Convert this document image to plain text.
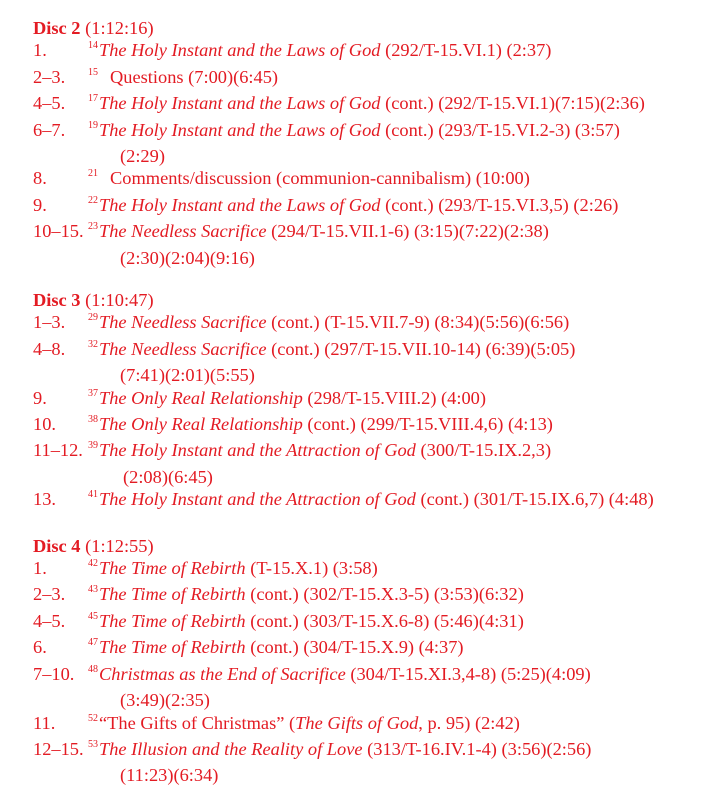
Disc 2 (1:12:16)
1.	$^{14}$The Holy Instant and the Laws of God (292/T-15.VI.1) (2:37)
2–3. $^{15}$ Questions (7:00)(6:45)
4–5. $^{17}$The Holy Instant and the Laws of God (cont.) (292/T-15.VI.1)(7:15)(2:36)
6–7. $^{19}$The Holy Instant and the Laws of God (cont.) (293/T-15.VI.2-3) (3:57)
(2:29)
8.	$^{21}$ Comments/discussion (communion-cannibalism) (10:00)
9.	$^{22}$The Holy Instant and the Laws of God (cont.) (293/T-15.VI.3,5) (2:26)
10–15. $^{23}$The Needless Sacrifice (294/T-15.VII.1-6) (3:15)(7:22)(2:38)
(2:30)(2:04)(9:16)
Disc 3 (1:10:47)
1–3. $^{29}$The Needless Sacrifice (cont.) (T-15.VII.7-9) (8:34)(5:56)(6:56)
4–8. $^{32}$The Needless Sacrifice (cont.) (297/T-15.VII.10-14) (6:39)(5:05)
(7:41)(2:01)(5:55)
9.	$^{37}$The Only Real Relationship (298/T-15.VIII.2) (4:00)
10.	$^{38}$The Only Real Relationship (cont.) (299/T-15.VIII.4,6) (4:13)
11–12. $^{39}$The Holy Instant and the Attraction of God (300/T-15.IX.2,3)
(2:08)(6:45)
13.	$^{41}$The Holy Instant and the Attraction of God (cont.) (301/T-15.IX.6,7) (4:48)
Disc 4 (1:12:55)
1.	$^{42}$The Time of Rebirth (T-15.X.1) (3:58)
2–3. $^{43}$The Time of Rebirth (cont.) (302/T-15.X.3-5) (3:53)(6:32)
4–5. $^{45}$The Time of Rebirth (cont.) (303/T-15.X.6-8) (5:46)(4:31)
6.	$^{47}$The Time of Rebirth (cont.) (304/T-15.X.9) (4:37)
7–10. $^{48}$Christmas as the End of Sacrifice (304/T-15.XI.3,4-8) (5:25)(4:09)
(3:49)(2:35)
11.	$^{52}$“The Gifts of Christmas” (The Gifts of God, p. 95) (2:42)
12–15. $^{53}$The Illusion and the Reality of Love (313/T-16.IV.1-4) (3:56)(2:56)
(11:23)(6:34)
